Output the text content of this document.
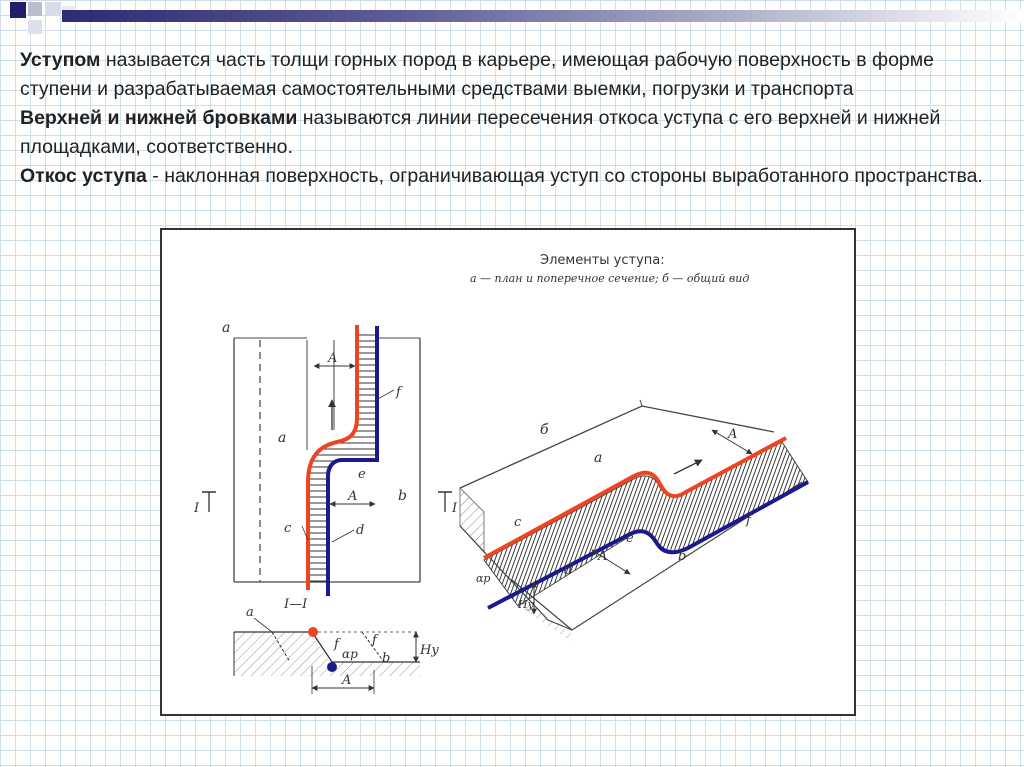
Уступом называется часть толщи горных пород в карьере, имеющая рабочую поверхность в форме ступени и разрабатываемая самостоятельными средствами выемки, погрузки и транспорта

Верхней и нижней бровками называются линии пересечения откоса уступа с его верхней и нижней площадками, соответственно.

Откос уступа - наклонная поверхность, ограничивающая уступ со стороны выработанного пространства.

Элементы уступа:
а — план и поперечное сечение; б — общий вид
а
A
A
а
b
c	d
e
f
I	I
I—I
a
f	f
b
αр	Hу
A
б	A
A
Hу
αр
а
c
e
d
b
f
